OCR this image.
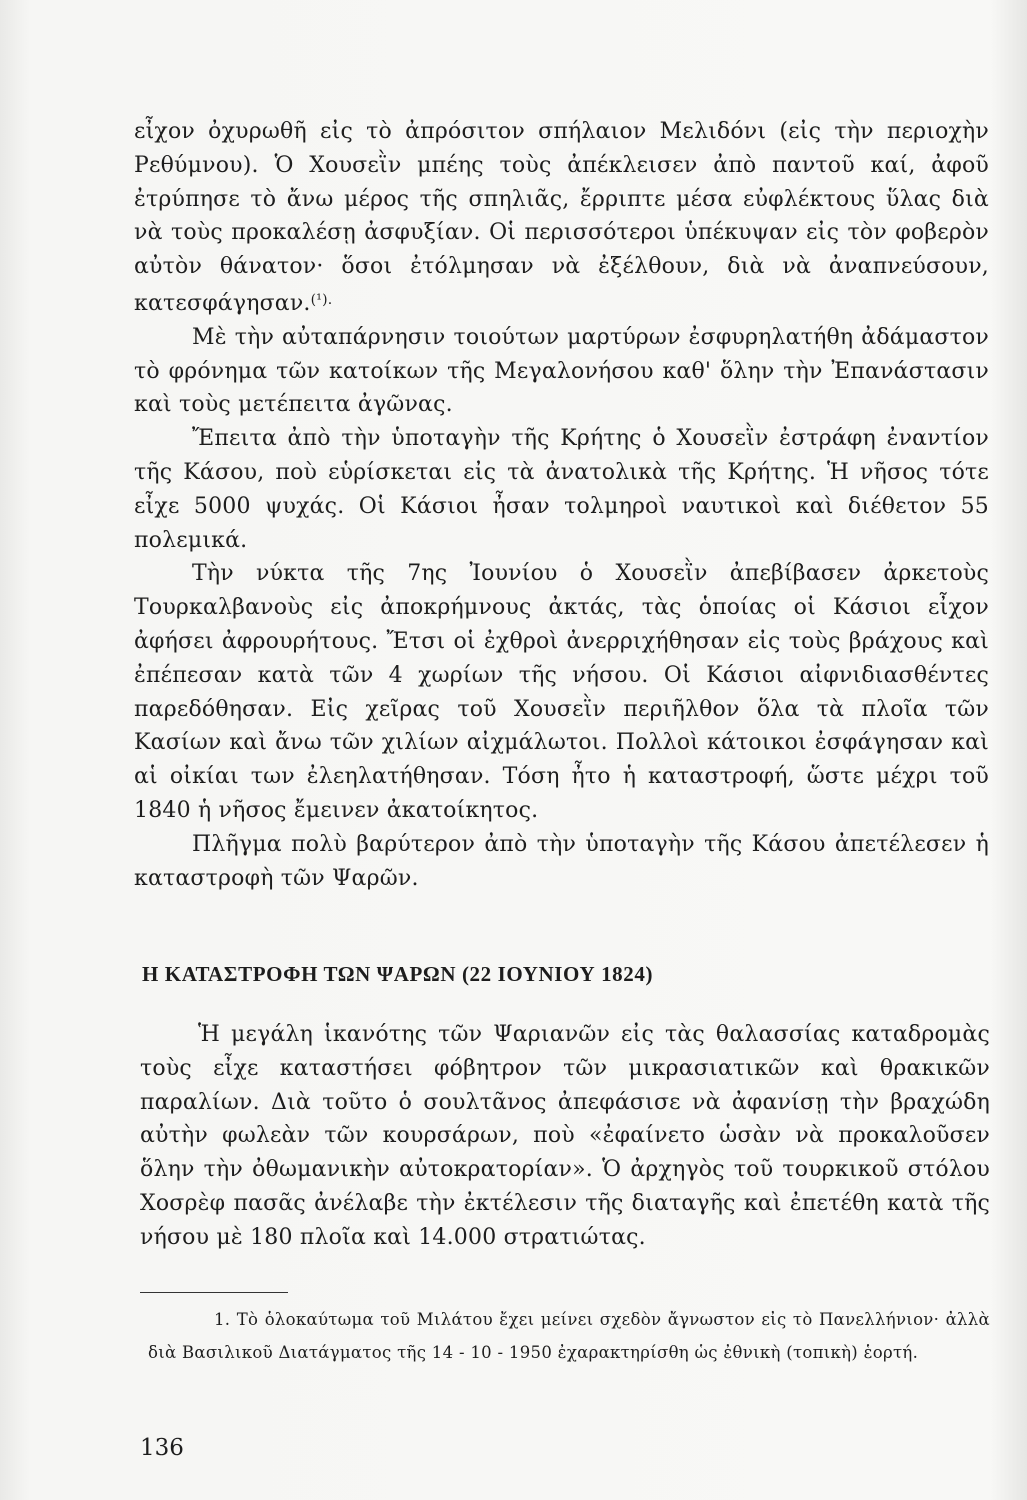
εἶχον ὀχυρωθῆ εἰς τὸ ἀπρόσιτον σπήλαιον Μελιδόνι (εἰς τὴν περιοχὴν Ρεθύμνου). Ὁ Χουσεῒν μπέης τοὺς ἀπέκλεισεν ἀπὸ παντοῦ καί, ἀφοῦ ἐτρύπησε τὸ ἄνω μέρος τῆς σπηλιᾶς, ἔρριπτε μέσα εὐφλέκτους ὕλας διὰ νὰ τοὺς προκαλέσῃ ἀσφυξίαν. Οἱ περισσότεροι ὑπέκυψαν εἰς τὸν φοβερὸν αὐτὸν θάνατον· ὅσοι ἐτόλμησαν νὰ ἐξέλθουν, διὰ νὰ ἀναπνεύσουν, κατεσφάγησαν.$^{(^1).}$

Μὲ τὴν αὐταπάρνησιν τοιούτων μαρτύρων ἐσφυρηλατήθη ἀδάμαστον τὸ φρόνημα τῶν κατοίκων τῆς Μεγαλονήσου καθ' ὅλην τὴν Ἐπανάστασιν καὶ τοὺς μετέπειτα ἀγῶνας.

Ἔπειτα ἀπὸ τὴν ὑποταγὴν τῆς Κρήτης ὁ Χουσεῒν ἐστράφη ἐναντίον τῆς Κάσου, ποὺ εὑρίσκεται εἰς τὰ ἀνατολικὰ τῆς Κρήτης. Ἡ νῆσος τότε εἶχε 5000 ψυχάς. Οἱ Κάσιοι ἦσαν τολμηροὶ ναυτικοὶ καὶ διέθετον 55 πολεμικά.

Τὴν νύκτα τῆς 7ης Ἰουνίου ὁ Χουσεῒν ἀπεβίβασεν ἀρκετοὺς Τουρκαλβανοὺς εἰς ἀποκρήμνους ἀκτάς, τὰς ὁποίας οἱ Κάσιοι εἶχον ἀφήσει ἀφρουρήτους. Ἔτσι οἱ ἐχθροὶ ἀνερριχήθησαν εἰς τοὺς βράχους καὶ ἐπέπεσαν κατὰ τῶν 4 χωρίων τῆς νήσου. Οἱ Κάσιοι αἰφνιδιασθέντες παρεδόθησαν. Εἰς χεῖρας τοῦ Χουσεῒν περιῆλθον ὅλα τὰ πλοῖα τῶν Κασίων καὶ ἄνω τῶν χιλίων αἰχμάλωτοι. Πολλοὶ κάτοικοι ἐσφάγησαν καὶ αἱ οἰκίαι των ἐλεηλατήθησαν. Τόση ἦτο ἡ καταστροφή, ὥστε μέχρι τοῦ 1840 ἡ νῆσος ἔμεινεν ἀκατοίκητος.

Πλῆγμα πολὺ βαρύτερον ἀπὸ τὴν ὑποταγὴν τῆς Κάσου ἀπετέλεσεν ἡ καταστροφὴ τῶν Ψαρῶν.

Η ΚΑΤΑΣΤΡΟΦΗ ΤΩΝ ΨΑΡΩΝ (22 ΙΟΥΝΙΟΥ 1824)

Ἡ μεγάλη ἱκανότης τῶν Ψαριανῶν εἰς τὰς θαλασσίας καταδρομὰς τοὺς εἶχε καταστήσει φόβητρον τῶν μικρασιατικῶν καὶ θρακικῶν παραλίων. Διὰ τοῦτο ὁ σουλτᾶνος ἀπεφάσισε νὰ ἀφανίσῃ τὴν βραχώδη αὐτὴν φωλεὰν τῶν κουρσάρων, ποὺ «ἐφαίνετο ὡσὰν νὰ προκαλοῦσεν ὅλην τὴν ὀθωμανικὴν αὐτοκρατορίαν». Ὁ ἀρχηγὸς τοῦ τουρκικοῦ στόλου Χοσρὲφ πασᾶς ἀνέλαβε τὴν ἐκτέλεσιν τῆς διαταγῆς καὶ ἐπετέθη κατὰ τῆς νήσου μὲ 180 πλοῖα καὶ 14.000 στρατιώτας.

1. Τὸ ὁλοκαύτωμα τοῦ Μιλάτου ἔχει μείνει σχεδὸν ἄγνωστον εἰς τὸ Πανελλήνιον· ἀλλὰ διὰ Βασιλικοῦ Διατάγματος τῆς 14 - 10 - 1950 ἐχαρακτηρίσθη ὡς ἐθνικὴ (τοπικὴ) ἑορτή.

136
